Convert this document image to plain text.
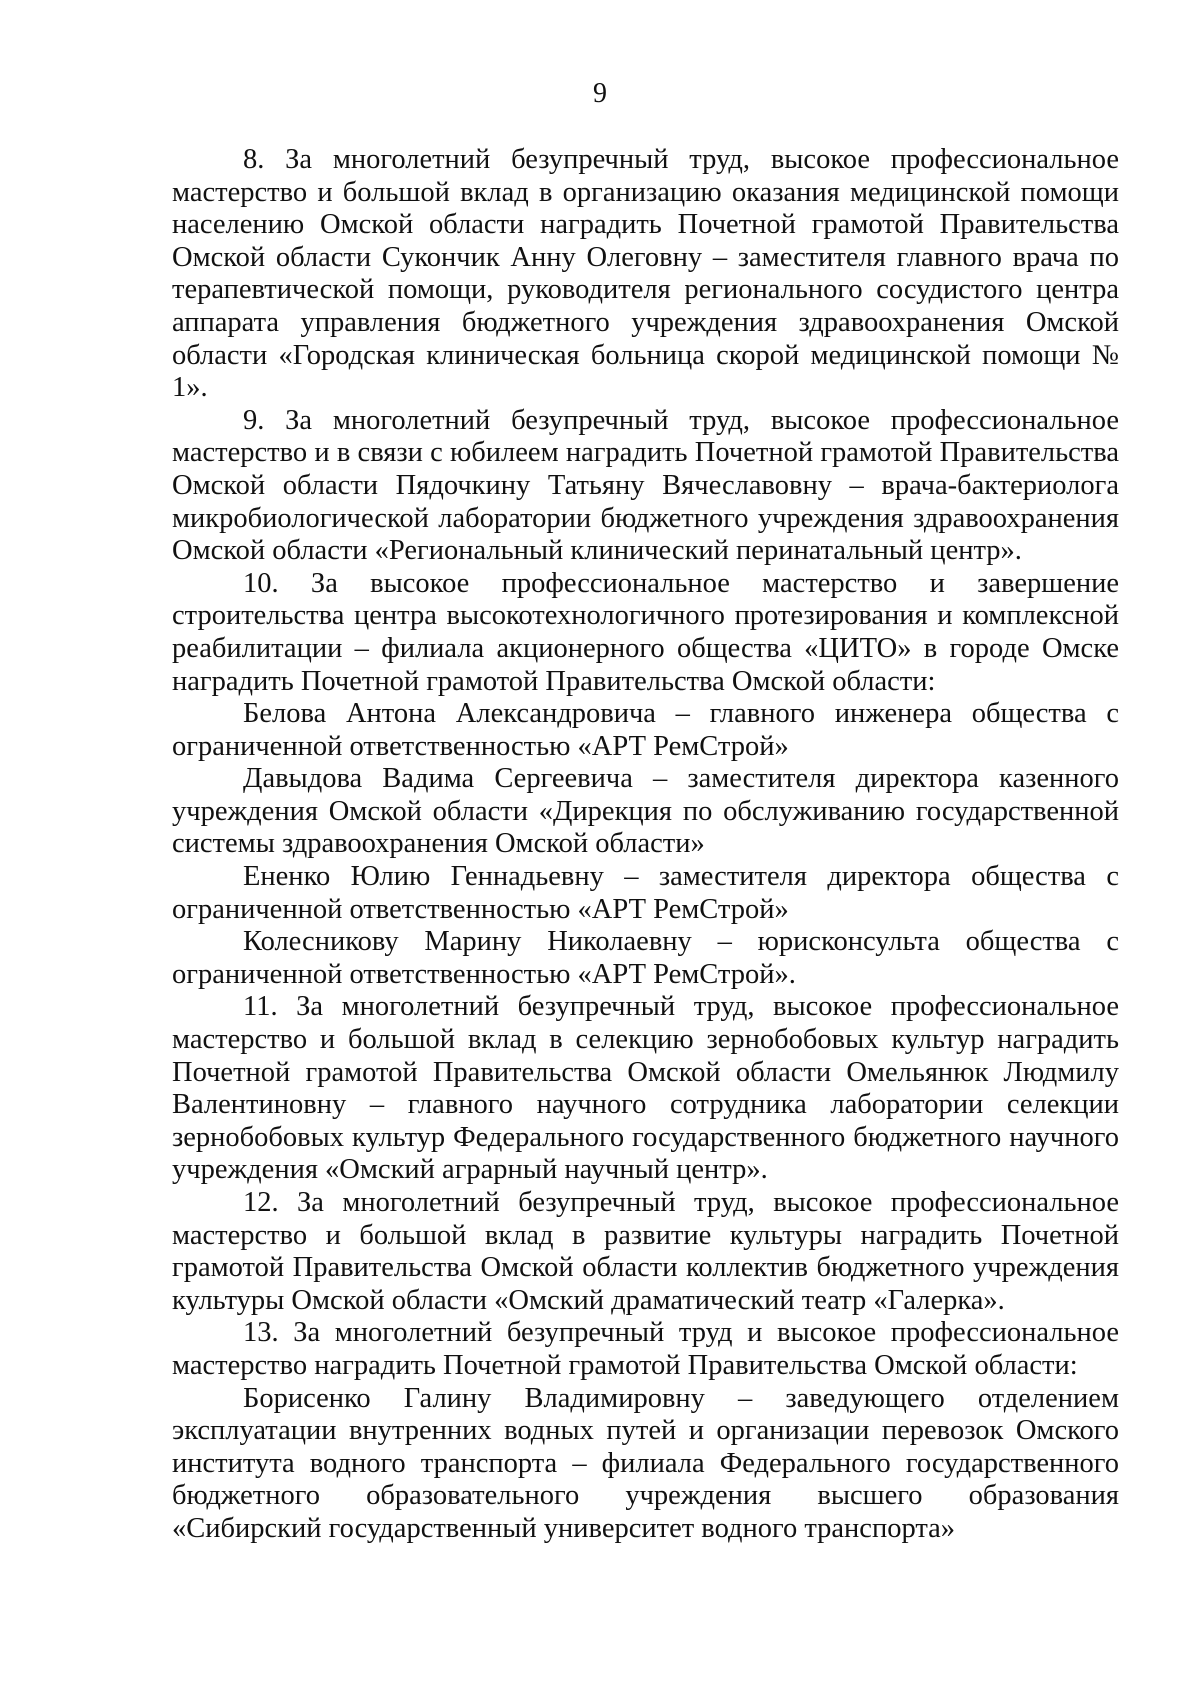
9

8. За многолетний безупречный труд, высокое профессиональное мастерство и большой вклад в организацию оказания медицинской помощи населению Омской области наградить Почетной грамотой Правительства Омской области Сукончик Анну Олеговну – заместителя главного врача по терапевтической помощи, руководителя регионального сосудистого центра аппарата управления бюджетного учреждения здравоохранения Омской области «Городская клиническая больница скорой медицинской помощи № 1».

9. За многолетний безупречный труд, высокое профессиональное мастерство и в связи с юбилеем наградить Почетной грамотой Правительства Омской области Пядочкину Татьяну Вячеславовну – врача-бактериолога микробиологической лаборатории бюджетного учреждения здравоохранения Омской области «Региональный клинический перинатальный центр».

10. За высокое профессиональное мастерство и завершение строительства центра высокотехнологичного протезирования и комплексной реабилитации – филиала акционерного общества «ЦИТО» в городе Омске наградить Почетной грамотой Правительства Омской области:

Белова Антона Александровича – главного инженера общества с ограниченной ответственностью «АРТ РемСтрой»

Давыдова Вадима Сергеевича – заместителя директора казенного учреждения Омской области «Дирекция по обслуживанию государственной системы здравоохранения Омской области»

Ененко Юлию Геннадьевну – заместителя директора общества с ограниченной ответственностью «АРТ РемСтрой»

Колесникову Марину Николаевну – юрисконсульта общества с ограниченной ответственностью «АРТ РемСтрой».

11. За многолетний безупречный труд, высокое профессиональное мастерство и большой вклад в селекцию зернобобовых культур наградить Почетной грамотой Правительства Омской области Омельянюк Людмилу Валентиновну – главного научного сотрудника лаборатории селекции зернобобовых культур Федерального государственного бюджетного научного учреждения «Омский аграрный научный центр».

12. За многолетний безупречный труд, высокое профессиональное мастерство и большой вклад в развитие культуры наградить Почетной грамотой Правительства Омской области коллектив бюджетного учреждения культуры Омской области «Омский драматический театр «Галерка».

13. За многолетний безупречный труд и высокое профессиональное мастерство наградить Почетной грамотой Правительства Омской области:

Борисенко Галину Владимировну – заведующего отделением эксплуатации внутренних водных путей и организации перевозок Омского института водного транспорта – филиала Федерального государственного бюджетного образовательного учреждения высшего образования «Сибирский государственный университет водного транспорта»
